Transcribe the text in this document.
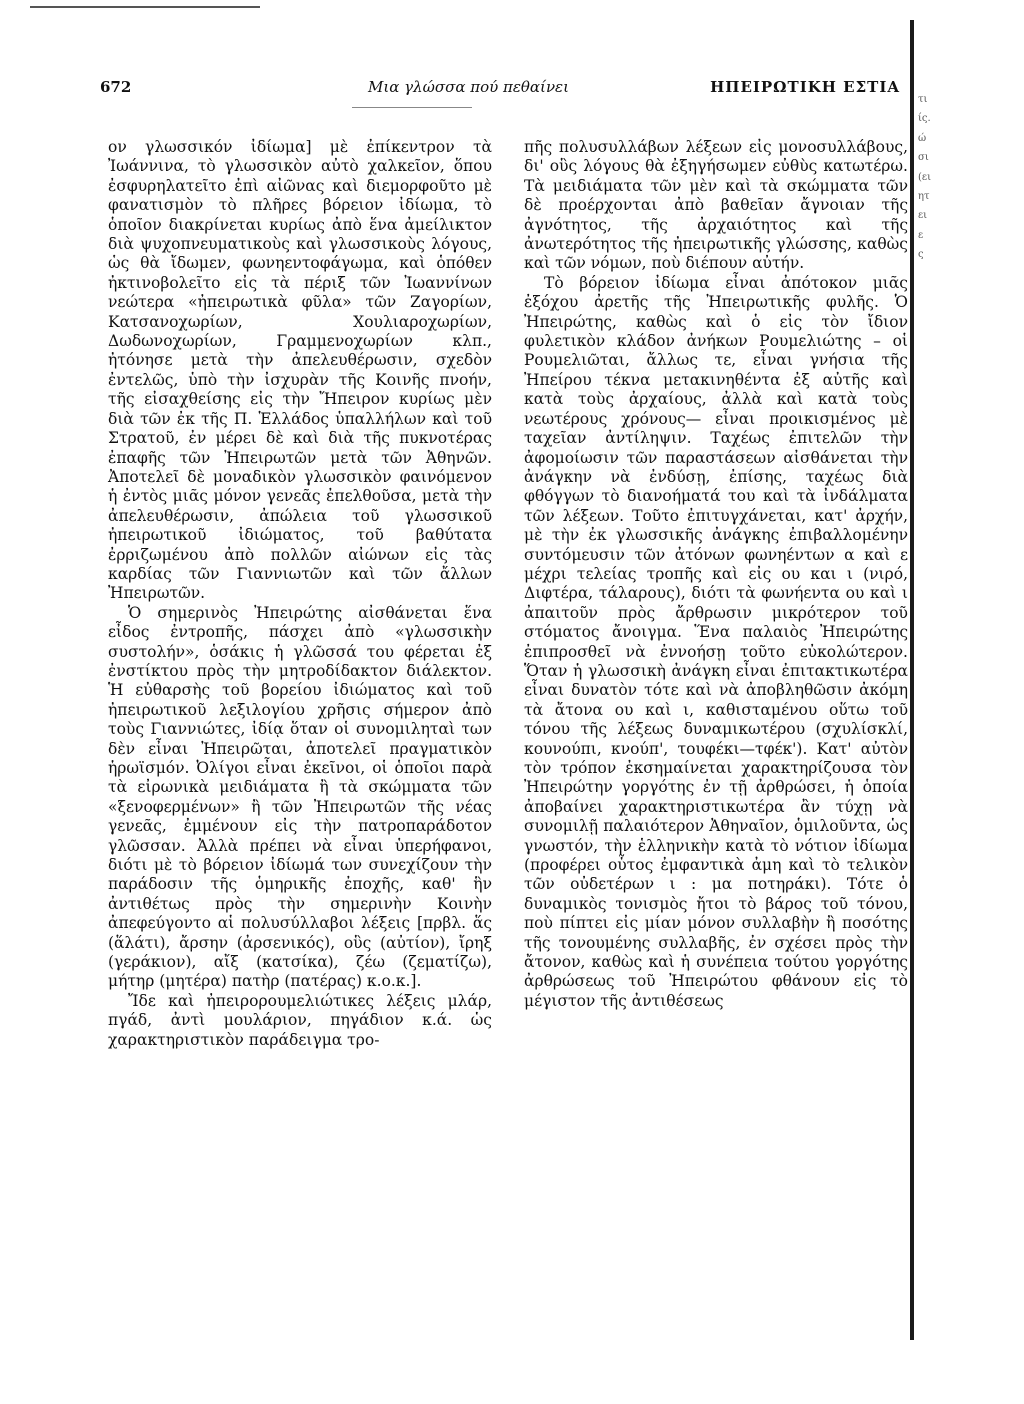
672	Μια γλώσσα πού πεθαίνει	ΗΠΕΙΡΩΤΙΚΗ ΕΣΤΙΑ

ον γλωσσικόν ἰδίωμα] μὲ ἐπίκεντρον τὰ Ἰωάννινα, τὸ γλωσσικὸν αὐτὸ χαλκεῖον, ὅπου ἐσφυρηλατεῖτο ἐπὶ αἰῶνας καὶ διεμορφοῦτο μὲ φανατισμὸν τὸ πλῆρες βόρειον ἰδίωμα, τὸ ὁποῖον διακρίνεται κυρίως ἀπὸ ἕνα ἀμείλικτον διὰ ψυχοπνευματικοὺς καὶ γλωσσικοὺς λόγους, ὡς θὰ ἴδωμεν, φωνηεντοφάγωμα, καὶ ὁπόθεν ἠκτινοβολεῖτο εἰς τὰ πέριξ τῶν Ἰωαννίνων νεώτερα «ἠπειρωτικὰ φῦλα» τῶν Ζαγορίων, Κατσανοχωρίων, Χουλιαροχωρίων, Δωδωνοχωρίων, Γραμμενοχωρίων κλπ., ἠτόνησε μετὰ τὴν ἀπελευθέρωσιν, σχεδὸν ἐντελῶς, ὑπὸ τὴν ἰσχυρὰν τῆς Κοινῆς πνοήν, τῆς εἰσαχθείσης εἰς τὴν Ἤπειρον κυρίως μὲν διὰ τῶν ἐκ τῆς Π. Ἑλλάδος ὑπαλλήλων καὶ τοῦ Στρατοῦ, ἐν μέρει δὲ καὶ διὰ τῆς πυκνοτέρας ἐπαφῆς τῶν Ἠπειρωτῶν μετὰ τῶν Ἀθηνῶν. Ἀποτελεῖ δὲ μοναδικὸν γλωσσικὸν φαινόμενον ἡ ἐντὸς μιᾶς μόνον γενεᾶς ἐπελθοῦσα, μετὰ τὴν ἀπελευθέρωσιν, ἀπώλεια τοῦ γλωσσικοῦ ἠπειρωτικοῦ ἰδιώματος, τοῦ βαθύτατα ἐρριζωμένου ἀπὸ πολλῶν αἰώνων εἰς τὰς καρδίας τῶν Γιαννιωτῶν καὶ τῶν ἄλλων Ἠπειρωτῶν.

Ὁ σημερινὸς Ἠπειρώτης αἰσθάνεται ἕνα εἶδος ἐντροπῆς, πάσχει ἀπὸ «γλωσσικὴν συστολήν», ὁσάκις ἡ γλῶσσά του φέρεται ἐξ ἐνστίκτου πρὸς τὴν μητροδίδακτον διάλεκτον. Ἡ εὐθαρσὴς τοῦ βορείου ἰδιώματος καὶ τοῦ ἠπειρωτικοῦ λεξιλογίου χρῆσις σήμερον ἀπὸ τοὺς Γιαννιώτες, ἰδίᾳ ὅταν οἱ συνομιληταὶ των δὲν εἶναι Ἠπειρῶται, ἀποτελεῖ πραγματικὸν ἡρωϊσμόν. Ὀλίγοι εἶναι ἐκεῖνοι, οἱ ὁποῖοι παρὰ τὰ εἰρωνικὰ μειδιάματα ἢ τὰ σκώμματα τῶν «ξενοφερμένων» ἢ τῶν Ἠπειρωτῶν τῆς νέας γενεᾶς, ἐμμένουν εἰς τὴν πατροπαράδοτον γλῶσσαν. Ἀλλὰ πρέπει νὰ εἶναι ὑπερήφανοι, διότι μὲ τὸ βόρειον ἰδίωμά των συνεχίζουν τὴν παράδοσιν τῆς ὁμηρικῆς ἐποχῆς, καθ' ἣν ἀντιθέτως πρὸς τὴν σημερινὴν Κοινὴν ἀπεφεύγοντο αἱ πολυσύλλαβοι λέξεις [πρβλ. ἅς (ἅλάτι), ἄρσην (ἀρσενικός), οὓς (αὐτίον), ἴρηξ (γεράκιον), αἴξ (κατσίκα), ζέω (ζεματίζω), μήτηρ (μητέρα) πατὴρ (πατέρας) κ.ο.κ.].

Ἴδε καὶ ἠπειρορουμελιώτικες λέξεις μλάρ, πγάδ, ἀντὶ μουλάριον, πηγάδιον κ.ά. ὡς χαρακτηριστικὸν παράδειγμα τρο-

πῆς πολυσυλλάβων λέξεων εἰς μονοσυλλάβους, δι' οὓς λόγους θὰ ἐξηγήσωμεν εὐθὺς κατωτέρω. Τὰ μειδιάματα τῶν μὲν καὶ τὰ σκώμματα τῶν δὲ προέρχονται ἀπὸ βαθεῖαν ἄγνοιαν τῆς ἀγνότητος, τῆς ἀρχαιότητος καὶ τῆς ἀνωτερότητος τῆς ἠπειρωτικῆς γλώσσης, καθὼς καὶ τῶν νόμων, ποὺ διέπουν αὐτήν.

Τὸ βόρειον ἰδίωμα εἶναι ἀπότοκον μιᾶς ἐξόχου ἀρετῆς τῆς Ἠπειρωτικῆς φυλῆς. Ὁ Ἠπειρώτης, καθὼς καὶ ὁ εἰς τὸν ἴδιον φυλετικὸν κλάδον ἀνήκων Ρουμελιώτης – οἱ Ρουμελιῶται, ἄλλως τε, εἶναι γνήσια τῆς Ἠπείρου τέκνα μετακινηθέντα ἐξ αὐτῆς καὶ κατὰ τοὺς ἀρχαίους, ἀλλὰ καὶ κατὰ τοὺς νεωτέρους χρόνους— εἶναι προικισμένος μὲ ταχεῖαν ἀντίληψιν. Ταχέως ἐπιτελῶν τὴν ἀφομοίωσιν τῶν παραστάσεων αἰσθάνεται τὴν ἀνάγκην νὰ ἐνδύσῃ, ἐπίσης, ταχέως διὰ φθόγγων τὸ διανοήματά του καὶ τὰ ἰνδάλματα τῶν λέξεων. Τοῦτο ἐπιτυγχάνεται, κατ' ἀρχήν, μὲ τὴν ἐκ γλωσσικῆς ἀνάγκης ἐπιβαλλομένην συντόμευσιν τῶν ἀτόνων φωνηέντων α καὶ ε μέχρι τελείας τροπῆς καὶ εἰς ου και ι (νιρό, Διφτέρα, τάλαρους), διότι τὰ φωνήεντα ου καὶ ι ἀπαιτοῦν πρὸς ἄρθρωσιν μικρότερον τοῦ στόματος ἄνοιγμα. Ἕνα παλαιὸς Ἠπειρώτης ἐπιπροσθεῖ νὰ ἐννοήσῃ τοῦτο εὐκολώτερον. Ὅταν ἡ γλωσσικὴ ἀνάγκη εἶναι ἐπιτακτικωτέρα εἶναι δυνατὸν τότε καὶ νὰ ἀποβληθῶσιν ἀκόμη τὰ ἄτονα ου καὶ ι, καθισταμένου οὕτω τοῦ τόνου τῆς λέξεως δυναμικωτέρου (σχυλίσκλί, κουνούπι, κνούπ', τουφέκι—τφέκ'). Κατ' αὐτὸν τὸν τρόπον ἐκσημαίνεται χαρακτηρίζουσα τὸν Ἠπειρώτην γοργότης ἐν τῇ ἀρθρώσει, ἡ ὁποία ἀποβαίνει χαρακτηριστικωτέρα ἂν τύχῃ νὰ συνομιλῇ παλαιότερον Ἀθηναῖον, ὁμιλοῦντα, ὡς γνωστόν, τὴν ἑλληνικὴν κατὰ τὸ νότιον ἰδίωμα (προφέρει οὗτος ἐμφαντικὰ ἀμη καὶ τὸ τελικὸν τῶν οὐδετέρων ι : μα ποτηράκι). Τότε ὁ δυναμικὸς τονισμὸς ἤτοι τὸ βάρος τοῦ τόνου, ποὺ πίπτει εἰς μίαν μόνον συλλαβὴν ἢ ποσότης τῆς τονουμένης συλλαβῆς, ἐν σχέσει πρὸς τὴν ἄτονον, καθὼς καὶ ἡ συνέπεια τούτου γοργότης ἀρθρώσεως τοῦ Ἠπειρώτου φθάνουν εἰς τὸ μέγιστον τῆς ἀντιθέσεως

τι
ίς.
ώ
σι
(ει
ητ
ει
ε
ς
